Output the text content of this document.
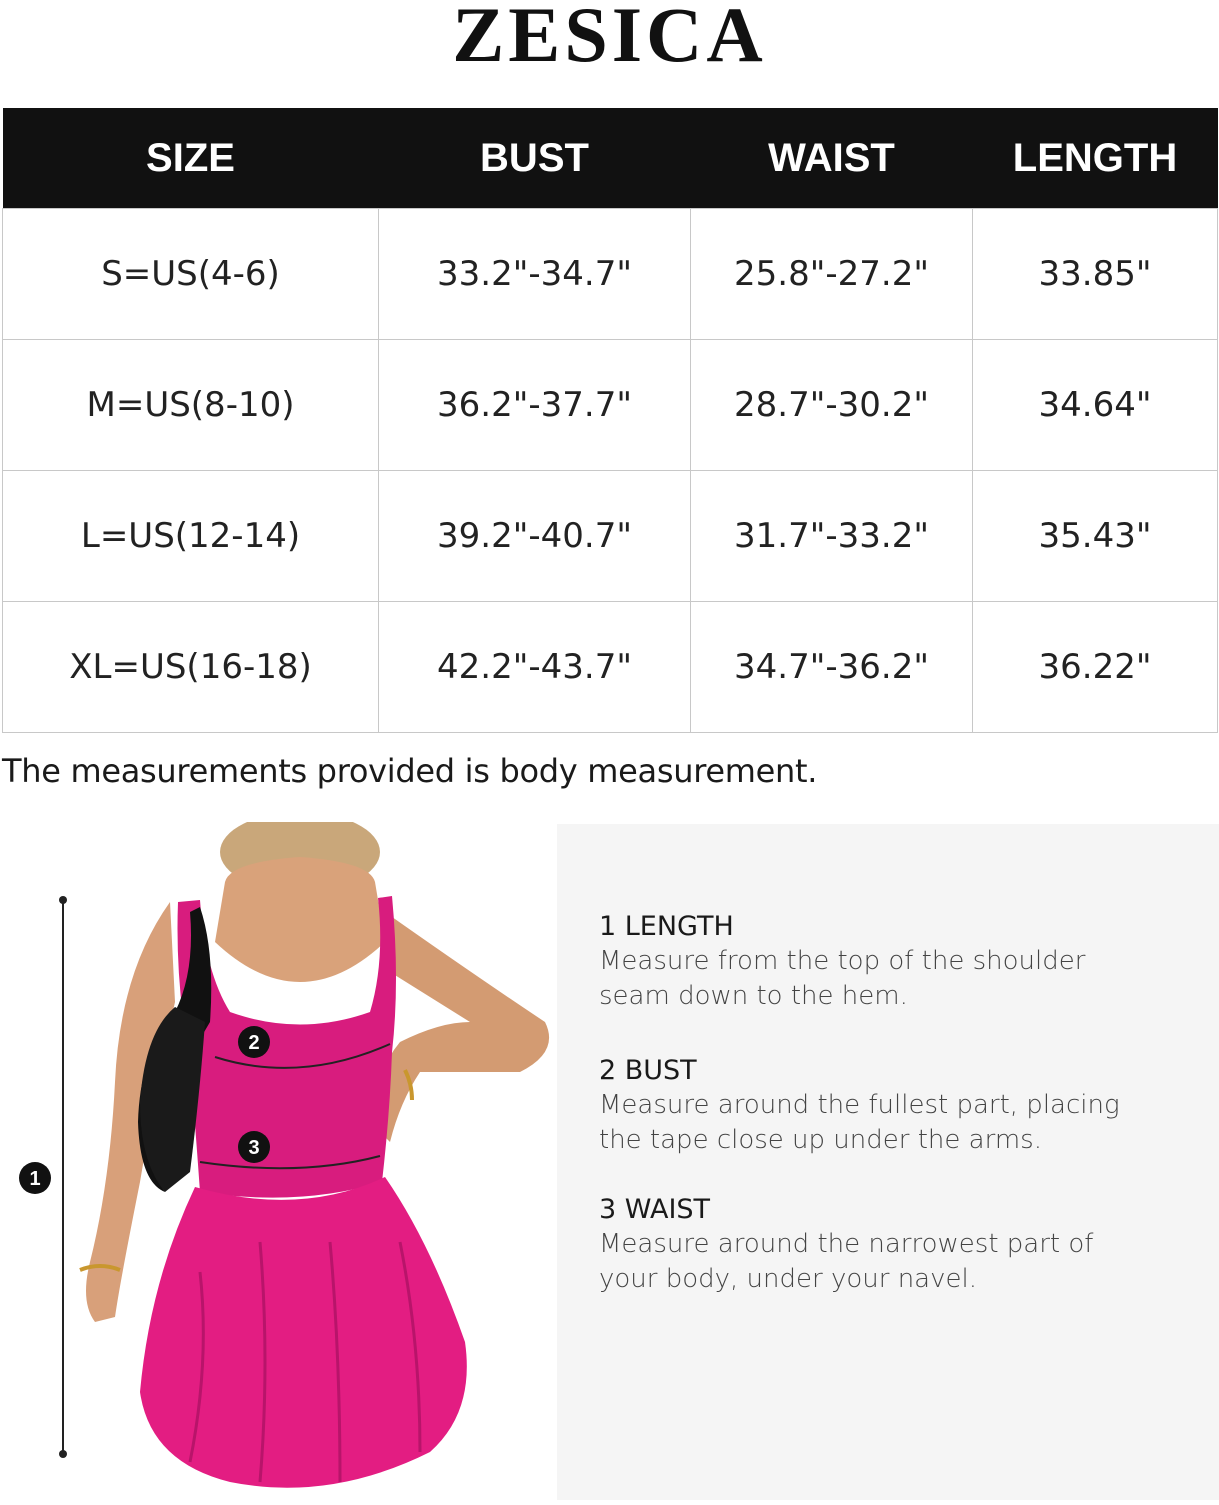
ZESICA
SIZE	BUST	WAIST	LENGTH
S=US(4-6)	33.2"-34.7"	25.8"-27.2"	33.85"
M=US(8-10)	36.2"-37.7"	28.7"-30.2"	34.64"
L=US(12-14)	39.2"-40.7"	31.7"-33.2"	35.43"
XL=US(16-18)	42.2"-43.7"	34.7"-36.2"	36.22"
The measurements provided is body measurement.
2
3
1
1 LENGTH
Measure from the top of the shoulder
seam down to the hem.
2 BUST
Measure around the fullest part, placing
the tape close up under the arms.
3 WAIST
Measure around the narrowest part of
your body, under your navel.
